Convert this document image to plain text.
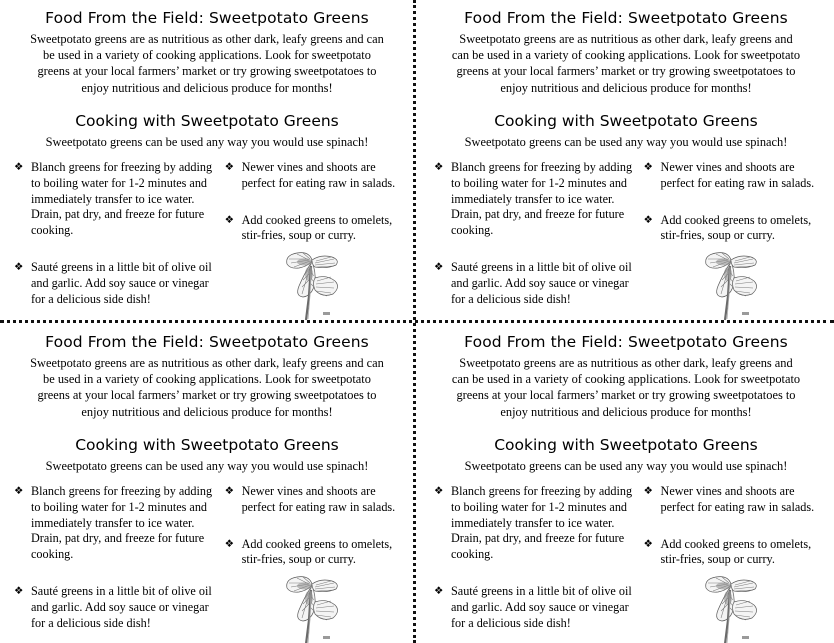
Food From the Field: Sweetpotato Greens
Sweetpotato greens are as nutritious as other dark, leafy greens and can be used in a variety of cooking applications. Look for sweetpotato greens at your local farmers’ market or try growing sweetpotatoes to enjoy nutritious and delicious produce for months!
Cooking with Sweetpotato Greens
Sweetpotato greens can be used any way you would use spinach!
❖ Blanch greens for freezing by adding to boiling water for 1-2 minutes and immediately transfer to ice water. Drain, pat dry, and freeze for future cooking.
❖ Sauté greens in a little bit of olive oil and garlic. Add soy sauce or vinegar for a delicious side dish!
❖ Newer vines and shoots are perfect for eating raw in salads.
❖ Add cooked greens to omelets, stir-fries, soup or curry.
Food From the Field: Sweetpotato Greens
Sweetpotato greens are as nutritious as other dark, leafy greens and can be used in a variety of cooking applications. Look for sweetpotato greens at your local farmers’ market or try growing sweetpotatoes to enjoy nutritious and delicious produce for months!
Cooking with Sweetpotato Greens
Sweetpotato greens can be used any way you would use spinach!
❖ Blanch greens for freezing by adding to boiling water for 1-2 minutes and immediately transfer to ice water. Drain, pat dry, and freeze for future cooking.
❖ Sauté greens in a little bit of olive oil and garlic. Add soy sauce or vinegar for a delicious side dish!
❖ Newer vines and shoots are perfect for eating raw in salads.
❖ Add cooked greens to omelets, stir-fries, soup or curry.
Food From the Field: Sweetpotato Greens
Sweetpotato greens are as nutritious as other dark, leafy greens and can be used in a variety of cooking applications. Look for sweetpotato greens at your local farmers’ market or try growing sweetpotatoes to enjoy nutritious and delicious produce for months!
Cooking with Sweetpotato Greens
Sweetpotato greens can be used any way you would use spinach!
❖ Blanch greens for freezing by adding to boiling water for 1-2 minutes and immediately transfer to ice water. Drain, pat dry, and freeze for future cooking.
❖ Sauté greens in a little bit of olive oil and garlic. Add soy sauce or vinegar for a delicious side dish!
❖ Newer vines and shoots are perfect for eating raw in salads.
❖ Add cooked greens to omelets, stir-fries, soup or curry.
Food From the Field: Sweetpotato Greens
Sweetpotato greens are as nutritious as other dark, leafy greens and can be used in a variety of cooking applications. Look for sweetpotato greens at your local farmers’ market or try growing sweetpotatoes to enjoy nutritious and delicious produce for months!
Cooking with Sweetpotato Greens
Sweetpotato greens can be used any way you would use spinach!
❖ Blanch greens for freezing by adding to boiling water for 1-2 minutes and immediately transfer to ice water. Drain, pat dry, and freeze for future cooking.
❖ Sauté greens in a little bit of olive oil and garlic. Add soy sauce or vinegar for a delicious side dish!
❖ Newer vines and shoots are perfect for eating raw in salads.
❖ Add cooked greens to omelets, stir-fries, soup or curry.
